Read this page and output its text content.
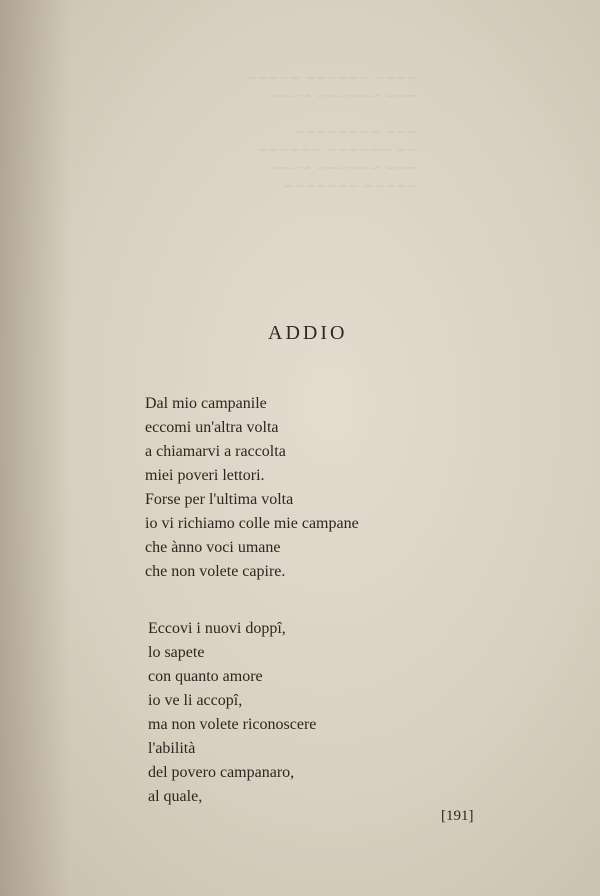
~~~~ ~~~~~~ ~~~~~
~~~ ~~~~~~ ~~~~

~~~ ~~~~~~~~
~~ ~~~~~~ ~~~~~~
~~~ ~~~~~~ ~~~~
~~~~~ ~~~~~~~
ADDIO
Dal mio campanile
eccomi un'altra volta
a chiamarvi a raccolta
miei poveri lettori.
Forse per l'ultima volta
io vi richiamo colle mie campane
che ànno voci umane
che non volete capire.
Eccovi i nuovi doppî,
lo sapete
con quanto amore
io ve li accopî,
ma non volete riconoscere
l'abilità
del povero campanaro,
al quale,
[191]
